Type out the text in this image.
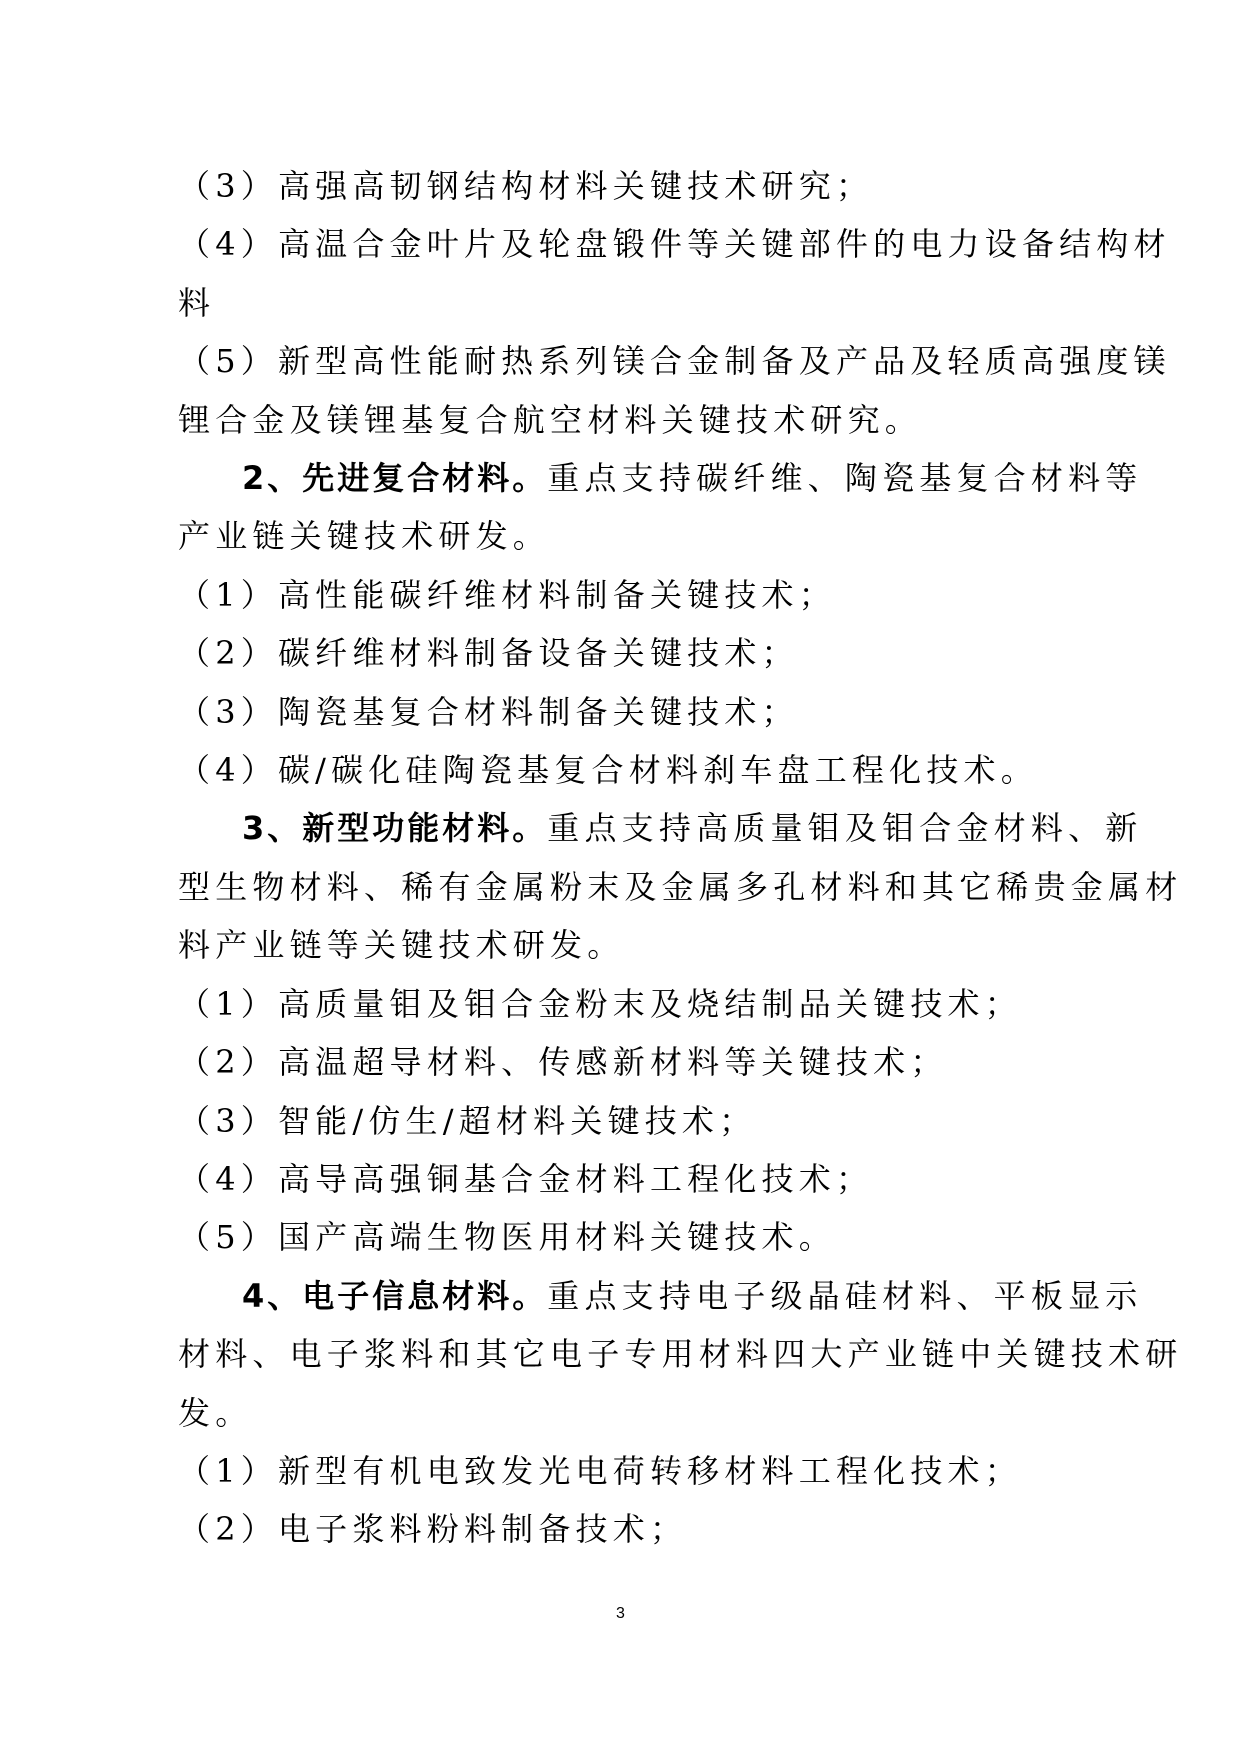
（3）高强高韧钢结构材料关键技术研究；

（4）高温合金叶片及轮盘锻件等关键部件的电力设备结构材

料

（5）新型高性能耐热系列镁合金制备及产品及轻质高强度镁

锂合金及镁锂基复合航空材料关键技术研究。

2、先进复合材料。重点支持碳纤维、陶瓷基复合材料等

产业链关键技术研发。

（1）高性能碳纤维材料制备关键技术；

（2）碳纤维材料制备设备关键技术；

（3）陶瓷基复合材料制备关键技术；

（4）碳/碳化硅陶瓷基复合材料刹车盘工程化技术。

3、新型功能材料。重点支持高质量钼及钼合金材料、新

型生物材料、稀有金属粉末及金属多孔材料和其它稀贵金属材

料产业链等关键技术研发。

（1）高质量钼及钼合金粉末及烧结制品关键技术；

（2）高温超导材料、传感新材料等关键技术；

（3）智能/仿生/超材料关键技术；

（4）高导高强铜基合金材料工程化技术；

（5）国产高端生物医用材料关键技术。

4、电子信息材料。重点支持电子级晶硅材料、平板显示

材料、电子浆料和其它电子专用材料四大产业链中关键技术研

发。

（1）新型有机电致发光电荷转移材料工程化技术；

（2）电子浆料粉料制备技术；

3
